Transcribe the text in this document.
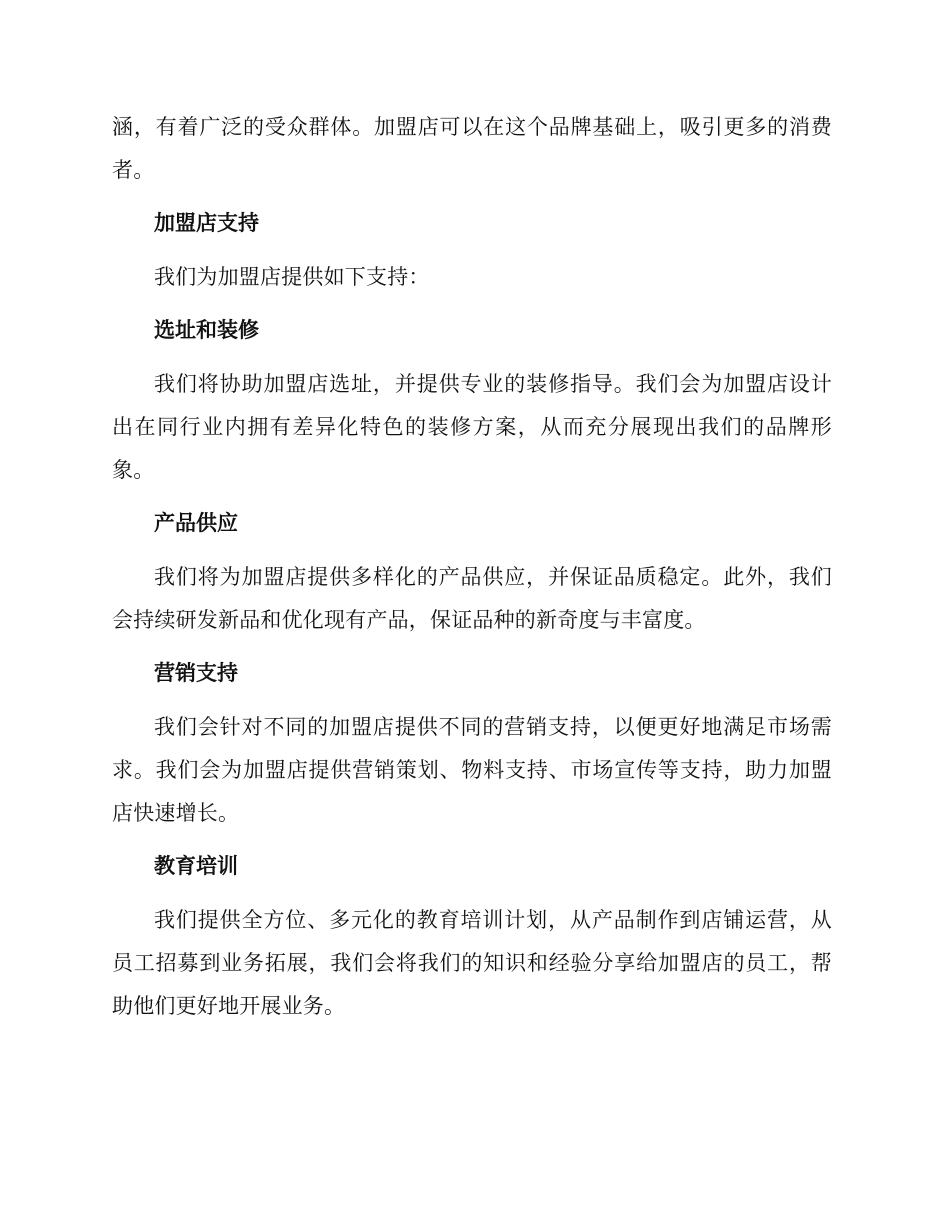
涵，有着广泛的受众群体。加盟店可以在这个品牌基础上，吸引更多的消费者。

加盟店支持

我们为加盟店提供如下支持：

选址和装修

我们将协助加盟店选址，并提供专业的装修指导。我们会为加盟店设计出在同行业内拥有差异化特色的装修方案，从而充分展现出我们的品牌形象。

产品供应

我们将为加盟店提供多样化的产品供应，并保证品质稳定。此外，我们会持续研发新品和优化现有产品，保证品种的新奇度与丰富度。

营销支持

我们会针对不同的加盟店提供不同的营销支持，以便更好地满足市场需求。我们会为加盟店提供营销策划、物料支持、市场宣传等支持，助力加盟店快速增长。

教育培训

我们提供全方位、多元化的教育培训计划，从产品制作到店铺运营，从员工招募到业务拓展，我们会将我们的知识和经验分享给加盟店的员工，帮助他们更好地开展业务。
